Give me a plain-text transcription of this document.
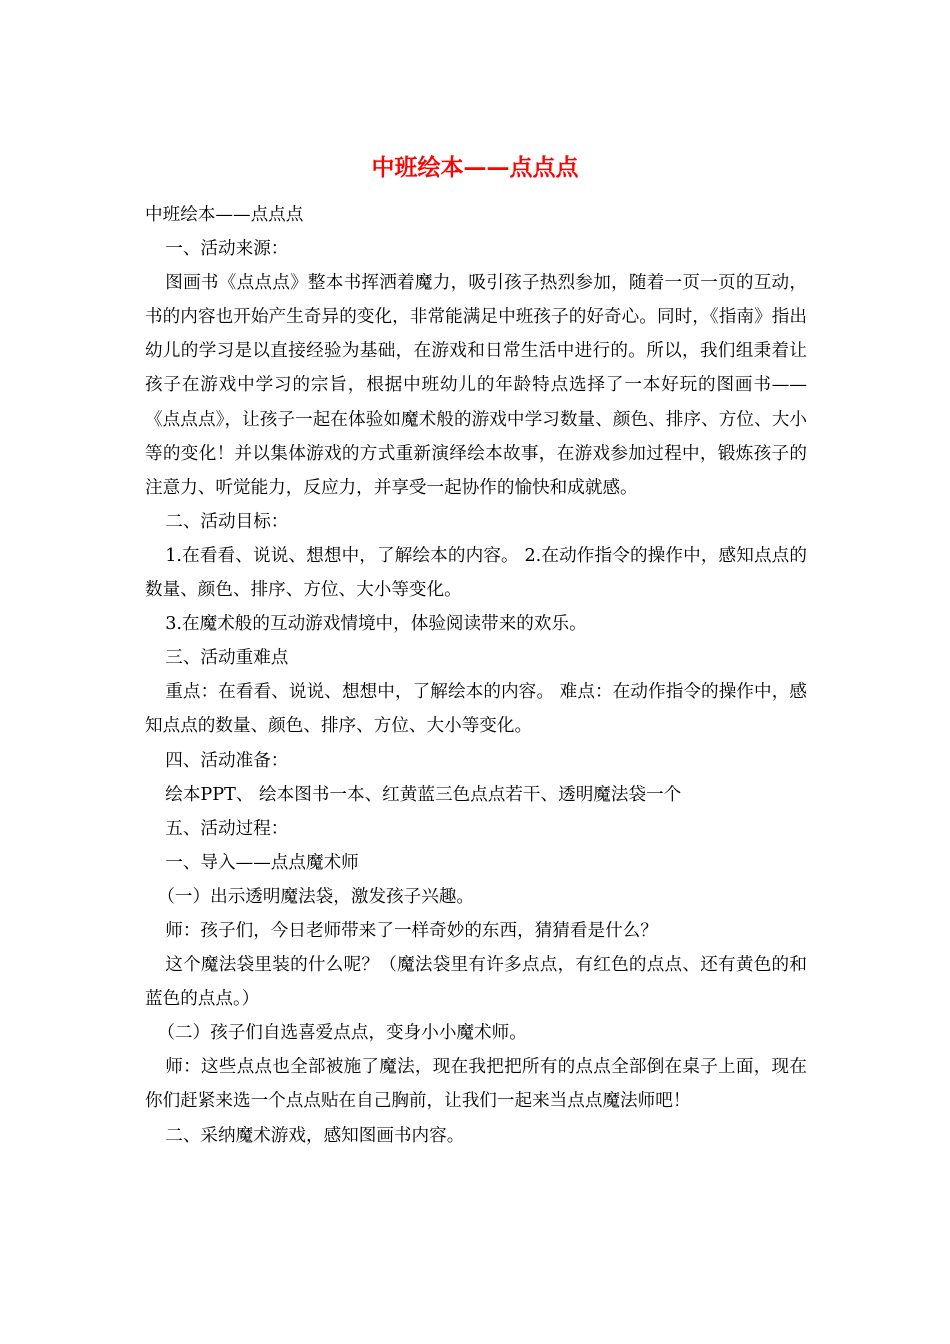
中班绘本——点点点

中班绘本——点点点

一、活动来源：

图画书《点点点》整本书挥洒着魔力，吸引孩子热烈参加，随着一页一页的互动，书的内容也开始产生奇异的变化，非常能满足中班孩子的好奇心。同时，《指南》指出幼儿的学习是以直接经验为基础，在游戏和日常生活中进行的。所以，我们组秉着让孩子在游戏中学习的宗旨，根据中班幼儿的年龄特点选择了一本好玩的图画书——《点点点》，让孩子一起在体验如魔术般的游戏中学习数量、颜色、排序、方位、大小等的变化！并以集体游戏的方式重新演绎绘本故事，在游戏参加过程中，锻炼孩子的注意力、听觉能力，反应力，并享受一起协作的愉快和成就感。

二、活动目标：

1.在看看、说说、想想中，了解绘本的内容。 2.在动作指令的操作中，感知点点的数量、颜色、排序、方位、大小等变化。

3.在魔术般的互动游戏情境中，体验阅读带来的欢乐。

三、活动重难点

重点：在看看、说说、想想中，了解绘本的内容。 难点：在动作指令的操作中，感知点点的数量、颜色、排序、方位、大小等变化。

四、活动准备：

绘本PPT、 绘本图书一本、红黄蓝三色点点若干、透明魔法袋一个

五、活动过程：

一、导入——点点魔术师

（一）出示透明魔法袋，激发孩子兴趣。

师：孩子们，今日老师带来了一样奇妙的东西，猜猜看是什么？

这个魔法袋里装的什么呢？（魔法袋里有许多点点，有红色的点点、还有黄色的和蓝色的点点。）

（二）孩子们自选喜爱点点，变身小小魔术师。

师：这些点点也全部被施了魔法，现在我把把所有的点点全部倒在桌子上面，现在你们赶紧来选一个点点贴在自己胸前，让我们一起来当点点魔法师吧！

二、采纳魔术游戏，感知图画书内容。
